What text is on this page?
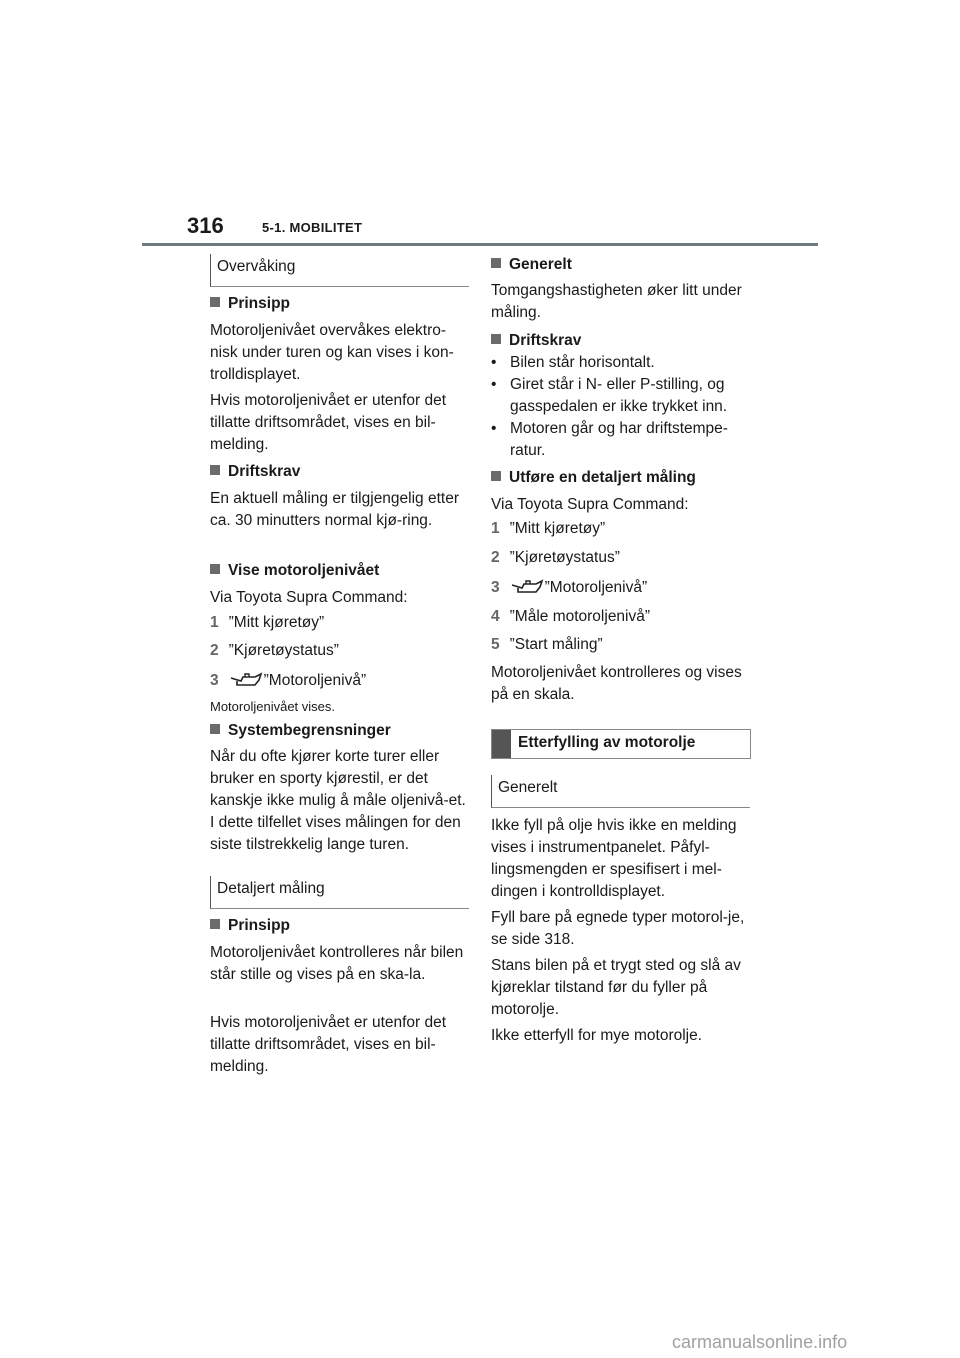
316	5-1. MOBILITET
Overvåking
Prinsipp

Motoroljenivået overvåkes elektro-nisk under turen og kan vises i kon-trolldisplayet.

Hvis motoroljenivået er utenfor det tillatte driftsområdet, vises en bil-melding.

Driftskrav

En aktuell måling er tilgjengelig etter ca. 30 minutters normal kjø-ring.

Vise motoroljenivået

Via Toyota Supra Command:

1 ”Mitt kjøretøy”
2 ”Kjøretøystatus”
3	”Motoroljenivå”
Motoroljenivået vises.
Systembegrensninger

Når du ofte kjører korte turer eller bruker en sporty kjørestil, er det kanskje ikke mulig å måle oljenivå-et. I dette tilfellet vises målingen for den siste tilstrekkelig lange turen.

Detaljert måling
Prinsipp

Motoroljenivået kontrolleres når bilen står stille og vises på en ska-la.

Hvis motoroljenivået er utenfor det tillatte driftsområdet, vises en bil-melding.

Generelt

Tomgangshastigheten øker litt under måling.

Driftskrav
• Bilen står horisontalt.
• Giret står i N- eller P-stilling, og gasspedalen er ikke trykket inn.
• Motoren går og har driftstempe-ratur.
Utføre en detaljert måling

Via Toyota Supra Command:

1 ”Mitt kjøretøy”
2 ”Kjøretøystatus”
3	”Motoroljenivå”
4 ”Måle motoroljenivå”
5 ”Start måling”

Motoroljenivået kontrolleres og vises på en skala.

Etterfylling av motorolje
Generelt

Ikke fyll på olje hvis ikke en melding vises i instrumentpanelet. Påfyl-lingsmengden er spesifisert i mel-dingen i kontrolldisplayet.

Fyll bare på egnede typer motorol-je, se side 318.

Stans bilen på et trygt sted og slå av kjøreklar tilstand før du fyller på motorolje.

Ikke etterfyll for mye motorolje.

carmanualsonline.info
